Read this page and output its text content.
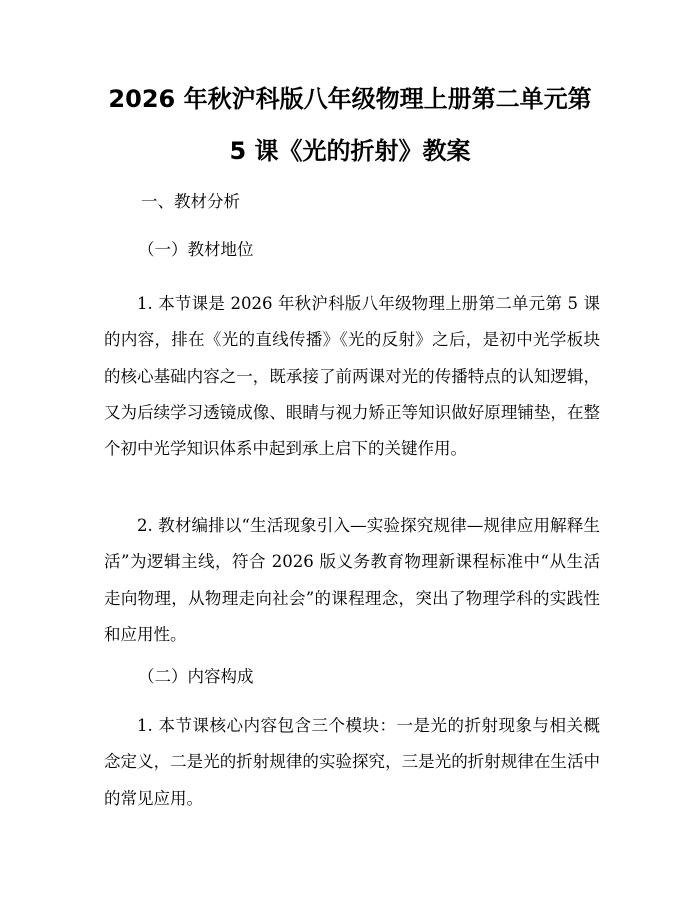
2026 年秋沪科版八年级物理上册第二单元第
5 课《光的折射》教案

一、教材分析

（一）教材地位

1. 本节课是 2026 年秋沪科版八年级物理上册第二单元第 5 课的内容，排在《光的直线传播》《光的反射》之后，是初中光学板块的核心基础内容之一，既承接了前两课对光的传播特点的认知逻辑，又为后续学习透镜成像、眼睛与视力矫正等知识做好原理铺垫，在整个初中光学知识体系中起到承上启下的关键作用。

2. 教材编排以“生活现象引入—实验探究规律—规律应用解释生活”为逻辑主线，符合 2026 版义务教育物理新课程标准中“从生活走向物理，从物理走向社会”的课程理念，突出了物理学科的实践性和应用性。

（二）内容构成

1. 本节课核心内容包含三个模块：一是光的折射现象与相关概念定义，二是光的折射规律的实验探究，三是光的折射规律在生活中的常见应用。
